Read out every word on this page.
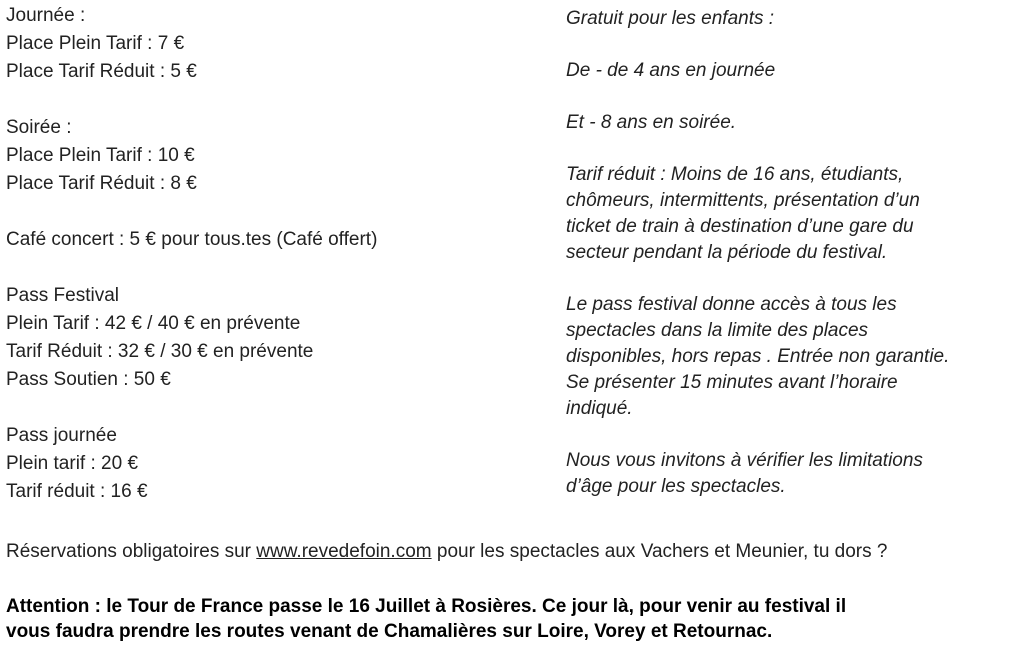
Journée :
Place Plein Tarif : 7 €
Place Tarif Réduit : 5 €
Soirée :
Place Plein Tarif : 10 €
Place Tarif Réduit : 8 €
Café concert : 5 € pour tous.tes (Café offert)
Pass Festival
Plein Tarif : 42 € / 40 € en prévente
Tarif Réduit : 32 € / 30 € en prévente
Pass Soutien : 50 €
Pass journée
Plein tarif : 20 €
Tarif réduit : 16 €

Gratuit pour les enfants :

De - de 4 ans en journée

Et - 8 ans en soirée.

Tarif réduit : Moins de 16 ans, étudiants,
chômeurs, intermittents, présentation d’un
ticket de train à destination d’une gare du
secteur pendant la période du festival.

Le pass festival donne accès à tous les
spectacles dans la limite des places
disponibles, hors repas . Entrée non garantie.
Se présenter 15 minutes avant l’horaire
indiqué.

Nous vous invitons à vérifier les limitations
d’âge pour les spectacles.

Réservations obligatoires sur www.revedefoin.com pour les spectacles aux Vachers et Meunier, tu dors ?
Attention : le Tour de France passe le 16 Juillet à Rosières. Ce jour là, pour venir au festival il
vous faudra prendre les routes venant de Chamalières sur Loire, Vorey et Retournac.
